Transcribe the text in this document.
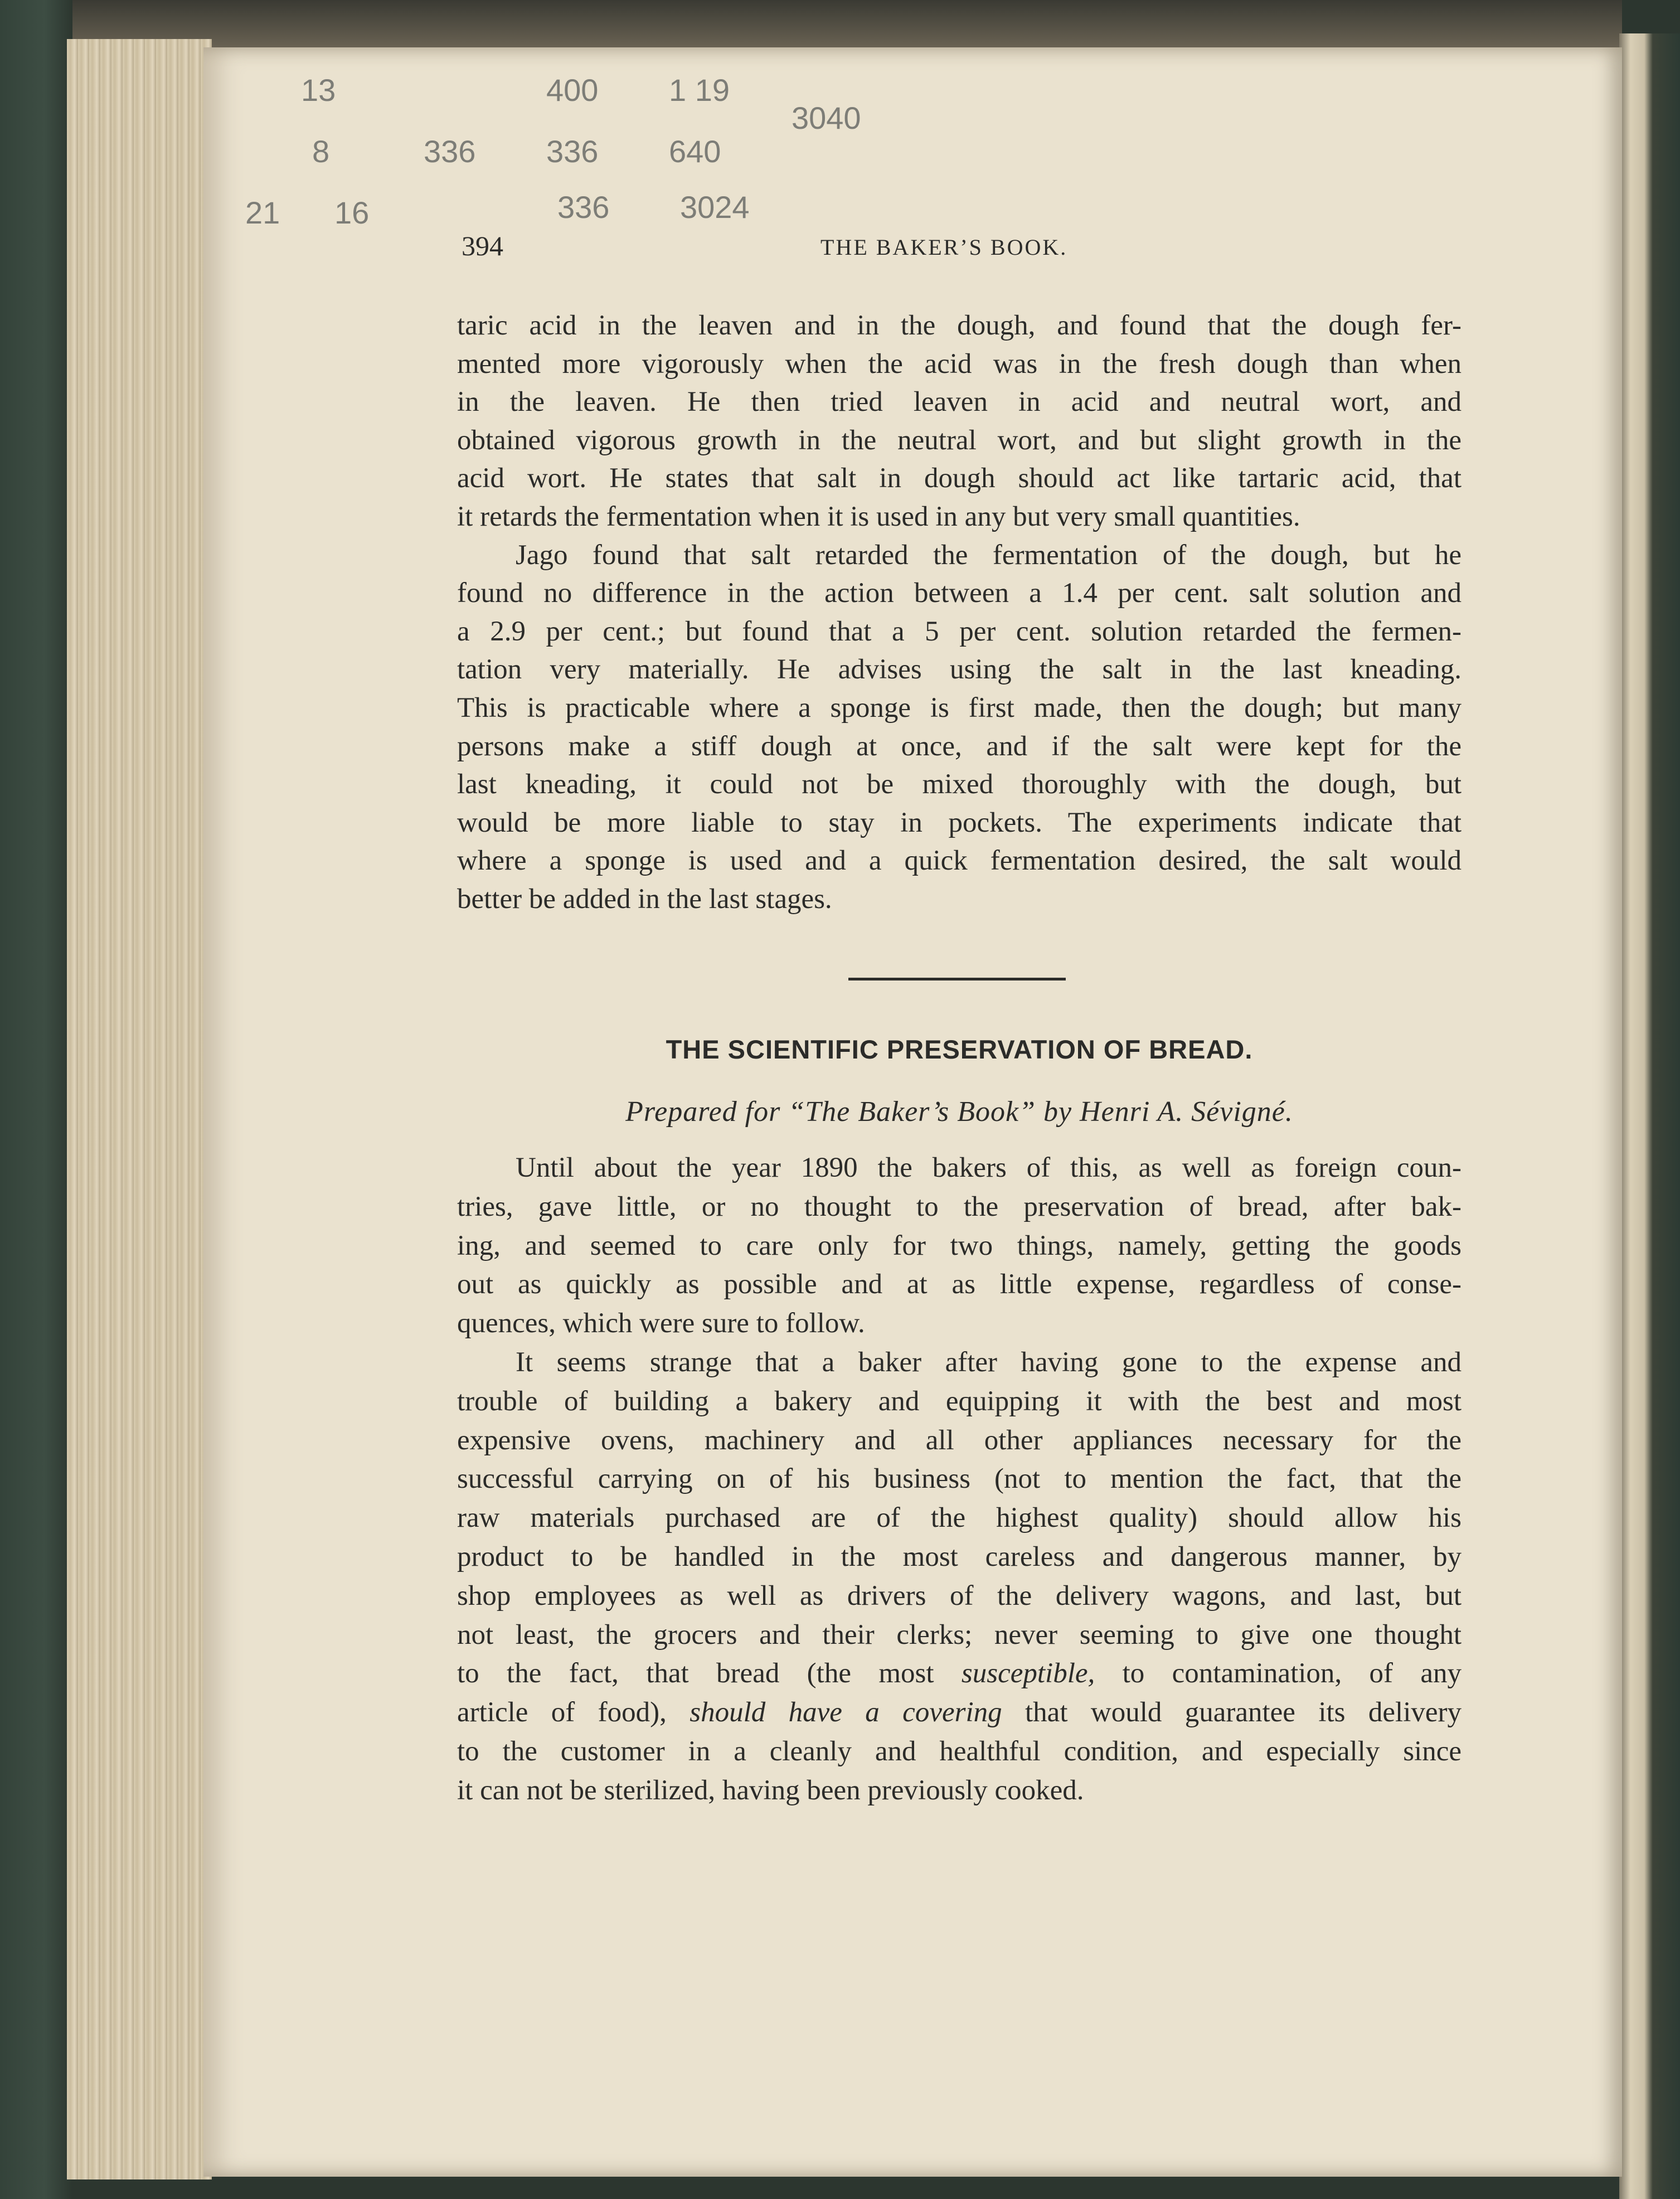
13
8
21 16
336
400 1 19
336 640
336
3040
3024
394	THE BAKER’S BOOK.
taric acid in the leaven and in the dough, and found that the dough fer-
mented more vigorously when the acid was in the fresh dough than when
in the leaven. He then tried leaven in acid and neutral wort, and
obtained vigorous growth in the neutral wort, and but slight growth in the
acid wort. He states that salt in dough should act like tartaric acid, that
it retards the fermentation when it is used in any but very small quantities.
Jago found that salt retarded the fermentation of the dough, but he
found no difference in the action between a 1.4 per cent. salt solution and
a 2.9 per cent.; but found that a 5 per cent. solution retarded the fermen-
tation very materially. He advises using the salt in the last kneading.
This is practicable where a sponge is first made, then the dough; but many
persons make a stiff dough at once, and if the salt were kept for the
last kneading, it could not be mixed thoroughly with the dough, but
would be more liable to stay in pockets. The experiments indicate that
where a sponge is used and a quick fermentation desired, the salt would
better be added in the last stages.
THE SCIENTIFIC PRESERVATION OF BREAD.
Prepared for “The Baker’s Book” by Henri A. Sévigné.
Until about the year 1890 the bakers of this, as well as foreign coun-
tries, gave little, or no thought to the preservation of bread, after bak-
ing, and seemed to care only for two things, namely, getting the goods
out as quickly as possible and at as little expense, regardless of conse-
quences, which were sure to follow.
It seems strange that a baker after having gone to the expense and
trouble of building a bakery and equipping it with the best and most
expensive ovens, machinery and all other appliances necessary for the
successful carrying on of his business (not to mention the fact, that the
raw materials purchased are of the highest quality) should allow his
product to be handled in the most careless and dangerous manner, by
shop employees as well as drivers of the delivery wagons, and last, but
not least, the grocers and their clerks; never seeming to give one thought
to the fact, that bread (the most susceptible, to contamination, of any
article of food), should have a covering that would guarantee its delivery
to the customer in a cleanly and healthful condition, and especially since
it can not be sterilized, having been previously cooked.
